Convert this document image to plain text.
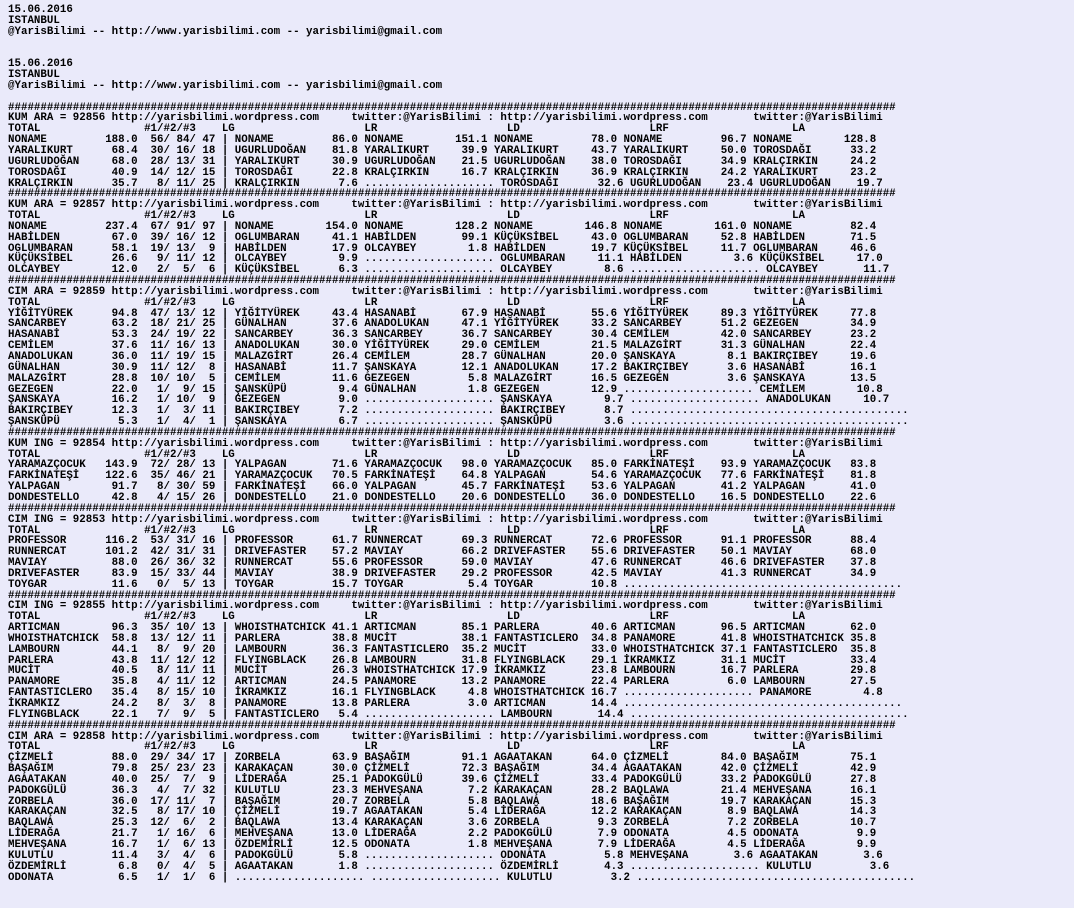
15.06.2016
ISTANBUL
@YarisBilimi -- http://www.yarisbilimi.com -- yarisbilimi@gmail.com

15.06.2016
ISTANBUL
@YarisBilimi -- http://www.yarisbilimi.com -- yarisbilimi@gmail.com

#########################################################################################################################################
KUM ARA = 92856 http://yarisbilimi.wordpress.com     twitter:@YarisBilimi : http://yarisbilimi.wordpress.com       twitter:@YarisBilimi
TOTAL                #1/#2/#3    LG                    LR                    LD                    LRF                   LA
NONAME         188.0  56/ 84/ 47 | NONAME         86.0 NONAME        151.1 NONAME         78.0 NONAME         96.7 NONAME        128.8
YARALIKURT      68.4  30/ 16/ 18 | UGURLUDOĞAN    81.8 YARALIKURT     39.9 YARALIKURT     43.7 YARALIKURT     50.0 TOROSDAĞI      33.2
UGURLUDOĞAN     68.0  28/ 13/ 31 | YARALIKURT     30.9 UGURLUDOĞAN    21.5 UGURLUDOĞAN    38.0 TOROSDAĞI      34.9 KRALÇIRKIN     24.2
TOROSDAĞI       40.9  14/ 12/ 15 | TOROSDAĞI      22.8 KRALÇIRKIN     16.7 KRALÇIRKIN     36.9 KRALÇIRKIN     24.2 YARALIKURT     23.2
KRALÇIRKIN      35.7   8/ 11/ 25 | KRALÇIRKIN      7.6 .................... TOROSDAĞI      32.6 UGURLUDOĞAN    23.4 UGURLUDOĞAN    19.7
#########################################################################################################################################
KUM ARA = 92857 http://yarisbilimi.wordpress.com     twitter:@YarisBilimi : http://yarisbilimi.wordpress.com       twitter:@YarisBilimi
TOTAL                #1/#2/#3    LG                    LR                    LD                    LRF                   LA
NONAME         237.4  67/ 91/ 97 | NONAME        154.0 NONAME        128.2 NONAME        146.8 NONAME        161.0 NONAME         82.4
HABİLDEN        67.0  39/ 16/ 12 | OGLUMBARAN     41.1 HABİLDEN       99.1 KÜÇÜKSİBEL     43.0 OGLUMBARAN     52.8 HABİLDEN       71.5
OGLUMBARAN      58.1  19/ 13/  9 | HABİLDEN       17.9 OLCAYBEY        1.8 HABİLDEN       19.7 KÜÇÜKSİBEL     11.7 OGLUMBARAN     46.6
KÜÇÜKSİBEL      26.6   9/ 11/ 12 | OLCAYBEY        9.9 .................... OGLUMBARAN     11.1 HABİLDEN        3.6 KÜÇÜKSİBEL     17.0
OLCAYBEY        12.0   2/  5/  6 | KÜÇÜKSİBEL      6.3 .................... OLCAYBEY        8.6 .................... OLCAYBEY       11.7
#########################################################################################################################################
CIM ARA = 92859 http://yarisbilimi.wordpress.com     twitter:@YarisBilimi : http://yarisbilimi.wordpress.com       twitter:@YarisBilimi
TOTAL                #1/#2/#3    LG                    LR                    LD                    LRF                   LA
YİĞİTYÜREK      94.8  47/ 13/ 12 | YİĞİTYÜREK     43.4 HASANABİ       67.9 HASANABİ       55.6 YİĞİTYÜREK     89.3 YİĞİTYÜREK     77.8
SANCARBEY       63.2  18/ 21/ 25 | GÜNALHAN       37.6 ANADOLUKAN     47.1 YİĞİTYÜREK     33.2 SANCARBEY      51.2 GEZEGEN        34.9
HASANABİ        53.3  24/ 19/ 22 | SANCARBEY      36.3 SANCARBEY      36.7 SANCARBEY      30.4 CEMİLEM        42.0 SANCARBEY      23.2
CEMİLEM         37.6  11/ 16/ 13 | ANADOLUKAN     30.0 YİĞİTYÜREK     29.0 CEMİLEM        21.5 MALAZGİRT      31.3 GÜNALHAN       22.4
ANADOLUKAN      36.0  11/ 19/ 15 | MALAZGİRT      26.4 CEMİLEM        28.7 GÜNALHAN       20.0 ŞANSKAYA        8.1 BAKIRÇIBEY     19.6
GÜNALHAN        30.9  11/ 12/  8 | HASANABİ       11.7 ŞANSKAYA       12.1 ANADOLUKAN     17.2 BAKIRÇIBEY      3.6 HASANABİ       16.1
MALAZGİRT       28.8  10/ 10/  5 | CEMİLEM        11.6 GEZEGEN         5.8 MALAZGİRT      16.5 GEZEGEN         3.6 ŞANSKAYA       13.5
GEZEGEN         22.0   1/  9/ 15 | ŞANSKÜPÜ        9.4 GÜNALHAN        1.8 GEZEGEN        12.9 .................... CEMİLEM        10.8
ŞANSKAYA        16.2   1/ 10/  9 | GEZEGEN         9.0 .................... ŞANSKAYA        9.7 .................... ANADOLUKAN     10.7
BAKIRÇIBEY      12.3   1/  3/ 11 | BAKIRÇIBEY      7.2 .................... BAKIRÇIBEY      8.7 ...........................................
ŞANSKÜPÜ         5.3   1/  4/  1 | ŞANSKAYA        6.7 .................... ŞANSKÜPÜ        3.6 ...........................................
#########################################################################################################################################
KUM ING = 92854 http://yarisbilimi.wordpress.com     twitter:@YarisBilimi : http://yarisbilimi.wordpress.com       twitter:@YarisBilimi
TOTAL                #1/#2/#3    LG                    LR                    LD                    LRF                   LA
YARAMAZÇOCUK   143.9  72/ 28/ 13 | YALPAGAN       71.6 YARAMAZÇOCUK   98.0 YARAMAZÇOCUK   85.0 FARKİNATEŞİ    93.9 YARAMAZÇOCUK   83.8
FARKİNATEŞİ    122.6  35/ 46/ 21 | YARAMAZÇOCUK   70.5 FARKİNATEŞİ    64.8 YALPAGAN       54.6 YARAMAZÇOCUK   77.6 FARKİNATEŞİ    81.8
YALPAGAN        91.7   8/ 30/ 59 | FARKİNATEŞİ    66.0 YALPAGAN       45.7 FARKİNATEŞİ    53.6 YALPAGAN       41.2 YALPAGAN       41.0
DONDESTELLO     42.8   4/ 15/ 26 | DONDESTELLO    21.0 DONDESTELLO    20.6 DONDESTELLO    36.0 DONDESTELLO    16.5 DONDESTELLO    22.6
#########################################################################################################################################
CIM ING = 92853 http://yarisbilimi.wordpress.com     twitter:@YarisBilimi : http://yarisbilimi.wordpress.com       twitter:@YarisBilimi
TOTAL                #1/#2/#3    LG                    LR                    LD                    LRF                   LA
PROFESSOR      116.2  53/ 31/ 16 | PROFESSOR      61.7 RUNNERCAT      69.3 RUNNERCAT      72.6 PROFESSOR      91.1 PROFESSOR      88.4
RUNNERCAT      101.2  42/ 31/ 31 | DRIVEFASTER    57.2 MAVIAY         66.2 DRIVEFASTER    55.6 DRIVEFASTER    50.1 MAVIAY         68.0
MAVIAY          88.0  26/ 36/ 32 | RUNNERCAT      55.6 PROFESSOR      59.0 MAVIAY         47.6 RUNNERCAT      46.6 DRIVEFASTER    37.8
DRIVEFASTER     83.9  15/ 33/ 44 | MAVIAY         38.9 DRIVEFASTER    29.2 PROFESSOR      42.5 MAVIAY         41.3 RUNNERCAT      34.9
TOYGAR          11.6   0/  5/ 13 | TOYGAR         15.7 TOYGAR          5.4 TOYGAR         10.8 ...........................................
#########################################################################################################################################
CIM ING = 92855 http://yarisbilimi.wordpress.com     twitter:@YarisBilimi : http://yarisbilimi.wordpress.com       twitter:@YarisBilimi
TOTAL                #1/#2/#3    LG                    LR                    LD                    LRF                   LA
ARTICMAN        96.3  35/ 10/ 13 | WHOISTHATCHICK 41.1 ARTICMAN       85.1 PARLERA        40.6 ARTICMAN       96.5 ARTICMAN       62.0
WHOISTHATCHICK  58.8  13/ 12/ 11 | PARLERA        38.8 MUCİT          38.1 FANTASTICLERO  34.8 PANAMORE       41.8 WHOISTHATCHICK 35.8
LAMBOURN        44.1   8/  9/ 20 | LAMBOURN       36.3 FANTASTICLERO  35.2 MUCİT          33.0 WHOISTHATCHICK 37.1 FANTASTICLERO  35.8
PARLERA         43.8  11/ 12/ 12 | FLYINGBLACK    26.8 LAMBOURN       31.8 FLYINGBLACK    29.1 İKRAMKIZ       31.1 MUCİT          33.4
MUCİT           40.5   8/ 11/ 11 | MUCİT          26.3 WHOISTHATCHICK 17.9 İKRAMKIZ       23.8 LAMBOURN       16.7 PARLERA        29.8
PANAMORE        35.8   4/ 11/ 12 | ARTICMAN       24.5 PANAMORE       13.2 PANAMORE       22.4 PARLERA         6.0 LAMBOURN       27.5
FANTASTICLERO   35.4   8/ 15/ 10 | İKRAMKIZ       16.1 FLYINGBLACK     4.8 WHOISTHATCHICK 16.7 .................... PANAMORE        4.8
İKRAMKIZ        24.2   8/  3/  8 | PANAMORE       13.8 PARLERA         3.0 ARTICMAN       14.4 ...........................................
FLYINGBLACK     22.1   7/  9/  5 | FANTASTICLERO   5.4 .................... LAMBOURN       14.4 ...........................................
#########################################################################################################################################
CIM ARA = 92858 http://yarisbilimi.wordpress.com     twitter:@YarisBilimi : http://yarisbilimi.wordpress.com       twitter:@YarisBilimi
TOTAL                #1/#2/#3    LG                    LR                    LD                    LRF                   LA
ÇİZMELİ         88.0  29/ 34/ 17 | ZORBELA        63.9 BAŞAĞIM        91.1 AGAATAKAN      64.0 ÇİZMELİ        84.0 BAŞAĞIM        75.1
BAŞAĞIM         79.8  25/ 23/ 23 | KARAKAÇAN      30.0 ÇİZMELİ        72.3 BAŞAĞIM        34.4 AGAATAKAN      42.0 ÇİZMELİ        42.9
AGAATAKAN       40.0  25/  7/  9 | LİDERAĞA       25.1 PADOKGÜLÜ      39.6 ÇİZMELİ        33.4 PADOKGÜLÜ      33.2 PADOKGÜLÜ      27.8
PADOKGÜLÜ       36.3   4/  7/ 32 | KULUTLU        23.3 MEHVEŞANA       7.2 KARAKAÇAN      28.2 BAQLAWA        21.4 MEHVEŞANA      16.1
ZORBELA         36.0  17/ 11/  7 | BAŞAĞIM        20.7 ZORBELA         5.8 BAQLAWA        18.6 BAŞAĞIM        19.7 KARAKAÇAN      15.3
KARAKAÇAN       32.5   8/ 17/ 10 | ÇİZMELİ        19.7 AGAATAKAN       5.4 LİDERAĞA       12.2 KARAKAÇAN       8.9 BAQLAWA        14.3
BAQLAWA         25.3  12/  6/  2 | BAQLAWA        13.4 KARAKAÇAN       3.6 ZORBELA         9.3 ZORBELA         7.2 ZORBELA        10.7
LİDERAĞA        21.7   1/ 16/  6 | MEHVEŞANA      13.0 LİDERAĞA        2.2 PADOKGÜLÜ       7.9 ODONATA         4.5 ODONATA         9.9
MEHVEŞANA       16.7   1/  6/ 13 | ÖZDEMİRLİ      12.5 ODONATA         1.8 MEHVEŞANA       7.9 LİDERAĞA        4.5 LİDERAĞA        9.9
KULUTLU         11.4   3/  4/  6 | PADOKGÜLÜ       5.8 .................... ODONATA         5.8 MEHVEŞANA       3.6 AGAATAKAN       3.6
ÖZDEMİRLİ        6.8   0/  4/  5 | AGAATAKAN       1.8 .................... ÖZDEMİRLİ       4.3 .................... KULUTLU         3.6
ODONATA          6.5   1/  1/  6 | .................... .................... KULUTLU         3.2 ...........................................
